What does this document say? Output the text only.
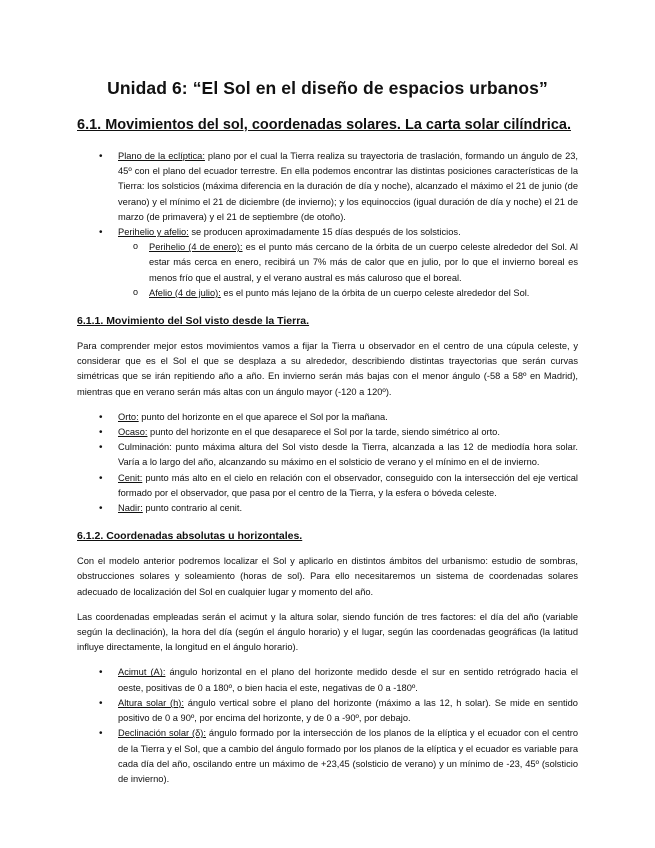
Unidad 6: “El Sol en el diseño de espacios urbanos”
6.1. Movimientos del sol, coordenadas solares. La carta solar cilíndrica.
• Plano de la eclíptica: plano por el cual la Tierra realiza su trayectoria de traslación, formando un ángulo de 23, 45º con el plano del ecuador terrestre. En ella podemos encontrar las distintas posiciones características de la Tierra: los solsticios (máxima diferencia en la duración de día y noche), alcanzado el máximo el 21 de junio (de verano) y el mínimo el 21 de diciembre (de invierno); y los equinoccios (igual duración de día y noche) el 21 de marzo (de primavera) y el 21 de septiembre (de otoño).
• Perihelio y afelio: se producen aproximadamente 15 días después de los solsticios.
o Perihelio (4 de enero): es el punto más cercano de la órbita de un cuerpo celeste alrededor del Sol. Al estar más cerca en enero, recibirá un 7% más de calor que en julio, por lo que el invierno boreal es menos frío que el austral, y el verano austral es más caluroso que el boreal.
o Afelio (4 de julio): es el punto más lejano de la órbita de un cuerpo celeste alrededor del Sol.
6.1.1. Movimiento del Sol visto desde la Tierra.
Para comprender mejor estos movimientos vamos a fijar la Tierra u observador en el centro de una cúpula celeste, y considerar que es el Sol el que se desplaza a su alrededor, describiendo distintas trayectorias que serán curvas simétricas que se irán repitiendo año a año. En invierno serán más bajas con el menor ángulo (-58 a 58º en Madrid), mientras que en verano serán más altas con un ángulo mayor (-120 a 120º).
• Orto: punto del horizonte en el que aparece el Sol por la mañana.
• Ocaso: punto del horizonte en el que desaparece el Sol por la tarde, siendo simétrico al orto.
• Culminación: punto máxima altura del Sol visto desde la Tierra, alcanzada a las 12 de mediodía hora solar. Varía a lo largo del año, alcanzando su máximo en el solsticio de verano y el mínimo en el de invierno.
• Cenit: punto más alto en el cielo en relación con el observador, conseguido con la intersección del eje vertical formado por el observador, que pasa por el centro de la Tierra, y la esfera o bóveda celeste.
• Nadir: punto contrario al cenit.
6.1.2. Coordenadas absolutas u horizontales.
Con el modelo anterior podremos localizar el Sol y aplicarlo en distintos ámbitos del urbanismo: estudio de sombras, obstrucciones solares y soleamiento (horas de sol). Para ello necesitaremos un sistema de coordenadas solares adecuado de localización del Sol en cualquier lugar y momento del año.
Las coordenadas empleadas serán el acimut y la altura solar, siendo función de tres factores: el día del año (variable según la declinación), la hora del día (según el ángulo horario) y el lugar, según las coordenadas geográficas (la latitud influye directamente, la longitud en el ángulo horario).
• Acimut (A): ángulo horizontal en el plano del horizonte medido desde el sur en sentido retrógrado hacia el oeste, positivas de 0 a 180º, o bien hacia el este, negativas de 0 a -180º.
• Altura solar (h): ángulo vertical sobre el plano del horizonte (máximo a las 12, h solar). Se mide en sentido positivo de 0 a 90º, por encima del horizonte, y de 0 a -90º, por debajo.
• Declinación solar (δ): ángulo formado por la intersección de los planos de la elíptica y el ecuador con el centro de la Tierra y el Sol, que a cambio del ángulo formado por los planos de la elíptica y el ecuador es variable para cada día del año, oscilando entre un máximo de +23,45 (solsticio de verano) y un mínimo de -23, 45º (solsticio de invierno).
